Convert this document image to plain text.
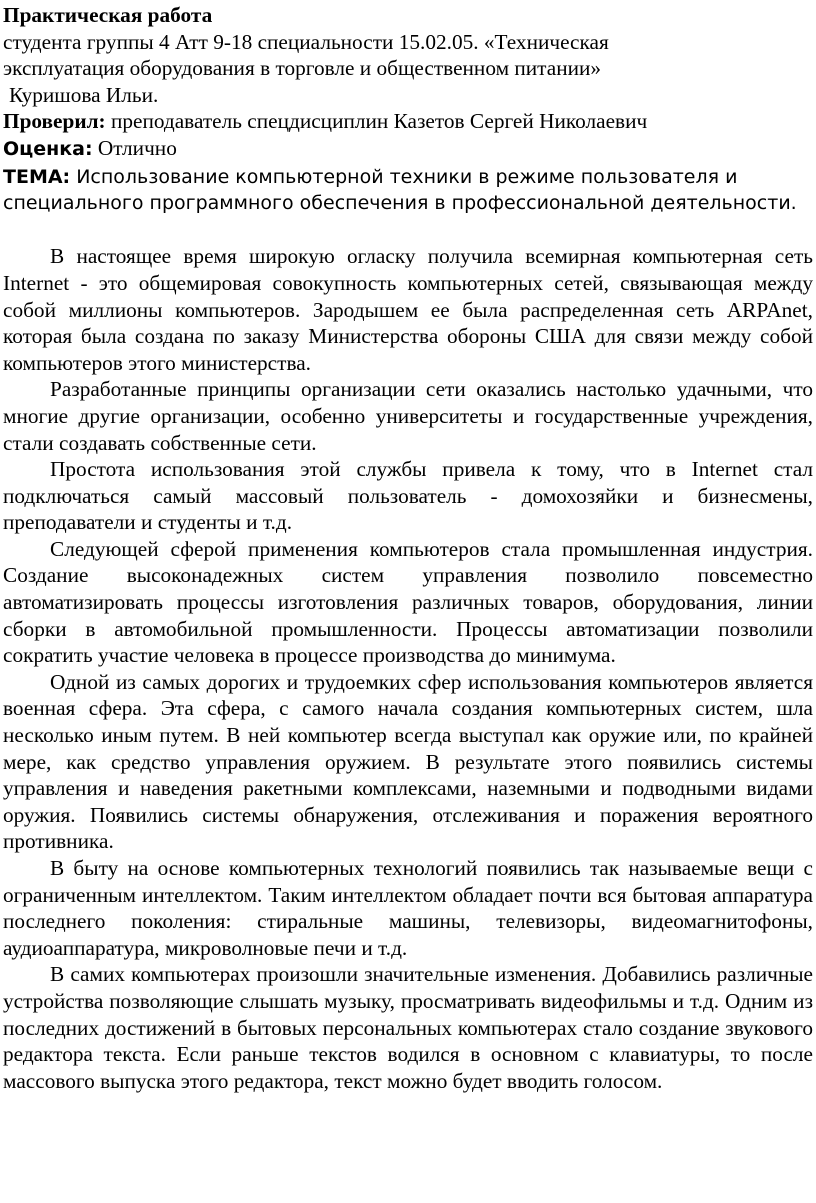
Практическая работа

студента группы 4 Атт 9-18 специальности 15.02.05. «Техническая

эксплуатация оборудования в торговле и общественном питании»

Куришова Ильи.

Проверил: преподаватель спецдисциплин Казетов Сергей Николаевич

Оценка: Отлично

ТЕМА: Использование компьютерной техники в режиме пользователя и

специального программного обеспечения в профессиональной деятельности.

В настоящее время широкую огласку получила всемирная компьютерная сеть Internet - это общемировая совокупность компьютерных сетей, связывающая между собой миллионы компьютеров. Зародышем ее была распределенная сеть ARPAnet, которая была создана по заказу Министерства обороны США для связи между собой компьютеров этого министерства.

Разработанные принципы организации сети оказались настолько удачными, что многие другие организации, особенно университеты и государственные учреждения, стали создавать собственные сети.

Простота использования этой службы привела к тому, что в Internet стал подключаться самый массовый пользователь - домохозяйки и бизнесмены, преподаватели и студенты и т.д.

Следующей сферой применения компьютеров стала промышленная индустрия. Создание высоконадежных систем управления позволило повсеместно автоматизировать процессы изготовления различных товаров, оборудования, линии сборки в автомобильной промышленности. Процессы автоматизации позволили сократить участие человека в процессе производства до минимума.

Одной из самых дорогих и трудоемких сфер использования компьютеров является военная сфера. Эта сфера, с самого начала создания компьютерных систем, шла несколько иным путем. В ней компьютер всегда выступал как оружие или, по крайней мере, как средство управления оружием. В результате этого появились системы управления и наведения ракетными комплексами, наземными и подводными видами оружия. Появились системы обнаружения, отслеживания и поражения вероятного противника.

В быту на основе компьютерных технологий появились так называемые вещи с ограниченным интеллектом. Таким интеллектом обладает почти вся бытовая аппаратура последнего поколения: стиральные машины, телевизоры, видеомагнитофоны, аудиоаппаратура, микроволновые печи и т.д.

В самих компьютерах произошли значительные изменения. Добавились различные устройства позволяющие слышать музыку, просматривать видеофильмы и т.д. Одним из последних достижений в бытовых персональных компьютерах стало создание звукового редактора текста. Если раньше текстов водился в основном с клавиатуры, то после массового выпуска этого редактора, текст можно будет вводить голосом.
